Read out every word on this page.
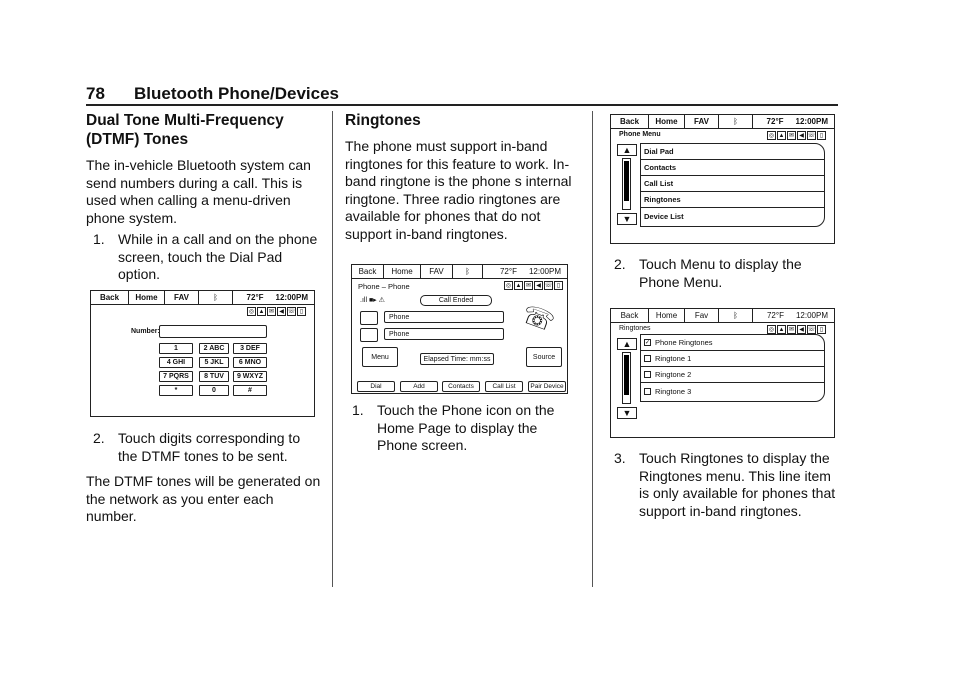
78 Bluetooth Phone/Devices
Dual Tone Multi-Frequency (DTMF) Tones

The in-vehicle Bluetooth system can send numbers during a call. This is used when calling a menu-driven phone system.

1. While in a call and on the phone screen, touch the Dial Pad option.
Back	Home	FAV	ᛒ	72°F 12:00PM
◎ ▲ ✉ ◀ ☏ ▯
Number:
1	2 ABC	3 DEF
4 GHI	5 JKL	6 MNO
7 PQRS	8 TUV	9 WXYZ
*	0	#
2. Touch digits corresponding to the DTMF tones to be sent.

The DTMF tones will be generated on the network as you enter each number.

Ringtones

The phone must support in-band ringtones for this feature to work. In-band ringtone is the phone s internal ringtone. Three radio ringtones are available for phones that do not support in-band ringtones.

Back	Home	FAV	ᛒ	72°F 12:00PM
Phone – Phone	◎ ▲ ✉ ◀ ☏ ▯
.ıll ■▸ ⚠	Call Ended
Phone
Phone	☏
Menu	Elapsed Time: mm:ss	Source
Dial	Add	Contacts	Call List	Pair Device
1. Touch the Phone icon on the Home Page to display the Phone screen.
Back	Home	FAV	ᛒ	72°F 12:00PM
Phone Menu	◎ ▲ ✉ ◀ ☏ ▯
▲
▼
Dial Pad
Contacts
Call List
Ringtones
Device List
2. Touch Menu to display the Phone Menu.
Back	Home	Fav	ᛒ	72°F 12:00PM
Ringtones	◎ ▲ ✉ ◀ ☏ ▯
▲
▼
✓ Phone Ringtones
Ringtone 1
Ringtone 2
Ringtone 3
3. Touch Ringtones to display the Ringtones menu. This line item is only available for phones that support in-band ringtones.
